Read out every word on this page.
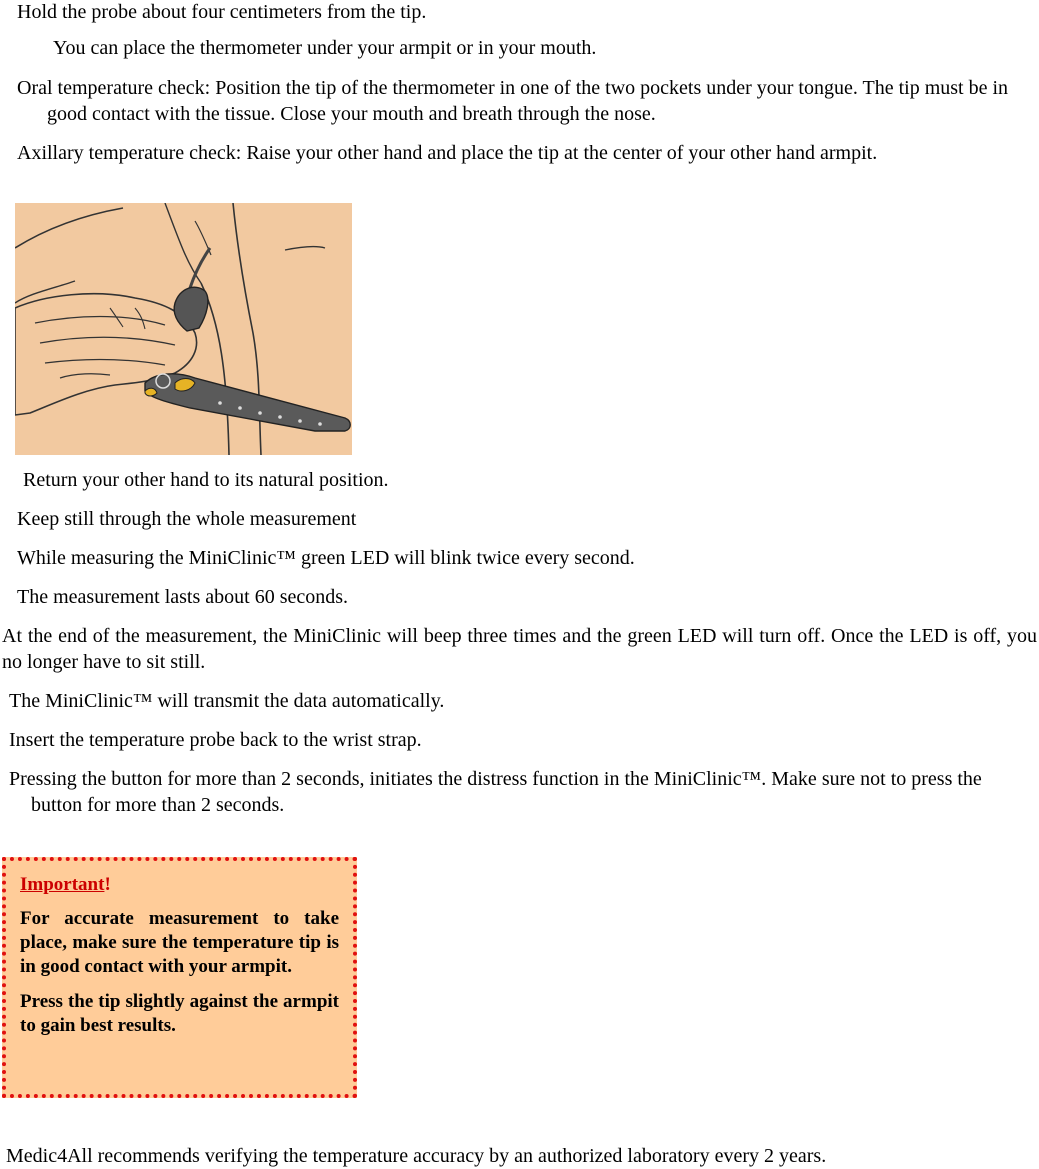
Hold the probe about four centimeters from the tip.
You can place the thermometer under your armpit or in your mouth.
Oral temperature check: Position the tip of the thermometer in one of the two pockets under your tongue. The tip must be in good contact with the tissue. Close your mouth and breath through the nose.
Axillary temperature check: Raise your other hand and place the tip at the center of your other hand armpit.
Return your other hand to its natural position.
Keep still through the whole measurement
While measuring the MiniClinic™ green LED will blink twice every second.
The measurement lasts about 60 seconds.
At the end of the measurement, the MiniClinic will beep three times and the green LED will turn off. Once the LED is off, you no longer have to sit still.
The MiniClinic™ will transmit the data automatically.
Insert the temperature probe back to the wrist strap.
Pressing the button for more than 2 seconds, initiates the distress function in the MiniClinic™. Make sure not to press the button for more than 2 seconds.
Important!

For accurate measurement to take place, make sure the temperature tip is in good contact with your armpit.

Press the tip slightly against the armpit to gain best results.

Medic4All recommends verifying the temperature accuracy by an authorized laboratory every 2 years.
